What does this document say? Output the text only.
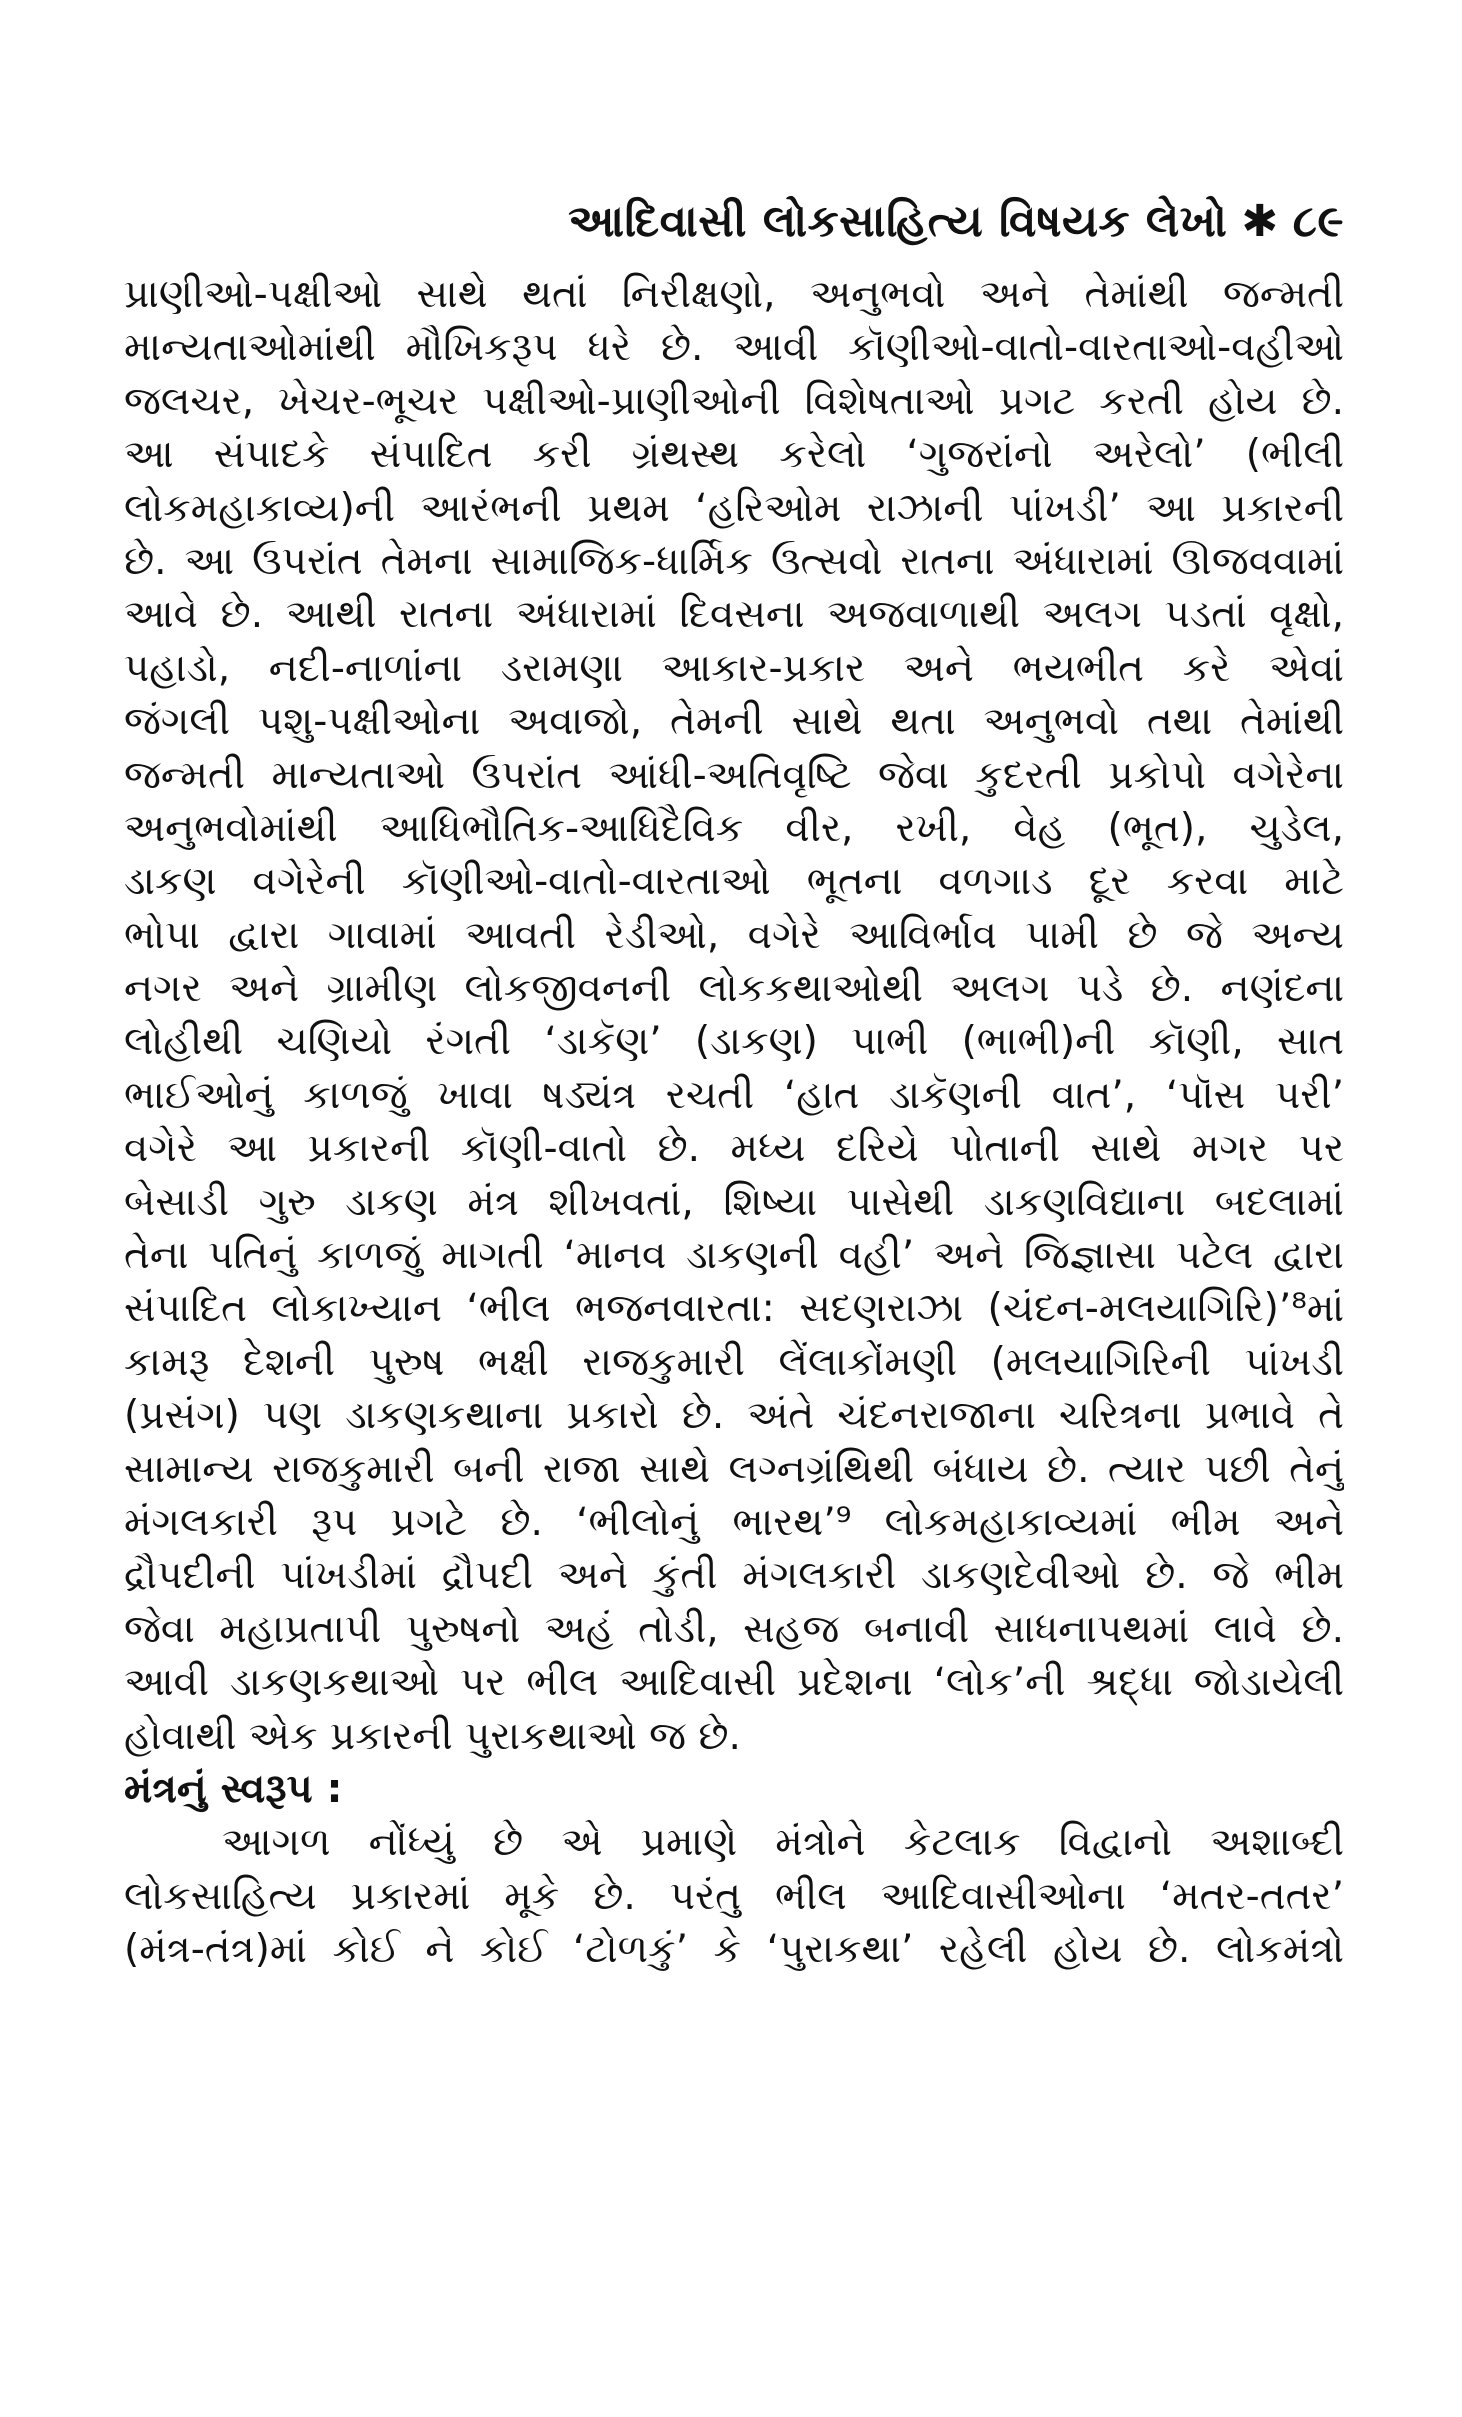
આદિવાસી લોકસાહિત્ય વિષયક લેખો ✱ ૮૯
પ્રાણીઓ-પક્ષીઓ સાથે થતાં નિરીક્ષણો, અનુભવો અને તેમાંથી જન્મતી
માન્યતાઓમાંથી મૌખિકરૂપ ધરે છે. આવી કૉણીઓ-વાતો-વારતાઓ-વહીઓ
જલચર, ખેચર-ભૂચર પક્ષીઓ-પ્રાણીઓની વિશેષતાઓ પ્રગટ કરતી હોય છે.
આ સંપાદકે સંપાદિત કરી ગ્રંથસ્થ કરેલો ‘ગુજરાંનો અરેલો’ (ભીલી
લોકમહાકાવ્ય)ની આરંભની પ્રથમ ‘હરિઓમ રાઝાની પાંખડી’ આ પ્રકારની
છે. આ ઉપરાંત તેમના સામાજિક-ધાર્મિક ઉત્સવો રાતના અંધારામાં ઊજવવામાં
આવે છે. આથી રાતના અંધારામાં દિવસના અજવાળાથી અલગ પડતાં વૃક્ષો,
પહાડો, નદી-નાળાંના ડરામણા આકાર-પ્રકાર અને ભયભીત કરે એવાં
જંગલી પશુ-પક્ષીઓના અવાજો, તેમની સાથે થતા અનુભવો તથા તેમાંથી
જન્મતી માન્યતાઓ ઉપરાંત આંધી-અતિવૃષ્ટિ જેવા કુદરતી પ્રકોપો વગેરેના
અનુભવોમાંથી આધિભૌતિક-આધિદૈવિક વીર, રખી, વેહ (ભૂત), ચુડેલ,
ડાકણ વગેરેની કૉણીઓ-વાતો-વારતાઓ ભૂતના વળગાડ દૂર કરવા માટે
ભોપા દ્વારા ગાવામાં આવતી રેડીઓ, વગેરે આવિર્ભાવ પામી છે જે અન્ય
નગર અને ગ્રામીણ લોકજીવનની લોકકથાઓથી અલગ પડે છે. નણંદના
લોહીથી ચણિયો રંગતી ‘ડાકૅણ’ (ડાકણ) પાભી (ભાભી)ની કૉણી, સાત
ભાઈઓનું કાળજું ખાવા ષડ્યંત્ર રચતી ‘હાત ડાકૅણની વાત’, ‘પૉસ પરી’
વગેરે આ પ્રકારની કૉણી-વાતો છે. મધ્ય દરિયે પોતાની સાથે મગર પર
બેસાડી ગુરુ ડાકણ મંત્ર શીખવતાં, શિષ્યા પાસેથી ડાકણવિદ્યાના બદલામાં
તેના પતિનું કાળજું માગતી ‘માનવ ડાકણની વહી’ અને જિજ્ઞાસા પટેલ દ્વારા
સંપાદિત લોકાખ્યાન ‘ભીલ ભજનવારતા: સદણરાઝા (ચંદન-મલયાગિરિ)’⁸માં
કામરૂ દેશની પુરુષ ભક્ષી રાજકુમારી લેંલાકોંમણી (મલયાગિરિની પાંખડી
(પ્રસંગ) પણ ડાકણકથાના પ્રકારો છે. અંતે ચંદનરાજાના ચરિત્રના પ્રભાવે તે
સામાન્ય રાજકુમારી બની રાજા સાથે લગ્નગ્રંથિથી બંધાય છે. ત્યાર પછી તેનું
મંગલકારી રૂપ પ્રગટે છે. ‘ભીલોનું ભારથ’⁹ લોકમહાકાવ્યમાં ભીમ અને
દ્રૌપદીની પાંખડીમાં દ્રૌપદી અને કુંતી મંગલકારી ડાકણદેવીઓ છે. જે ભીમ
જેવા મહાપ્રતાપી પુરુષનો અહં તોડી, સહજ બનાવી સાધનાપથમાં લાવે છે.
આવી ડાકણકથાઓ પર ભીલ આદિવાસી પ્રદેશના ‘લોક’ની શ્રદ્ધા જોડાયેલી
હોવાથી એક પ્રકારની પુરાકથાઓ જ છે.
મંત્રનું સ્વરૂપ :
આગળ નોંધ્યું છે એ પ્રમાણે મંત્રોને કેટલાક વિદ્વાનો અશાબ્દી
લોકસાહિત્ય પ્રકારમાં મૂકે છે. પરંતુ ભીલ આદિવાસીઓના ‘મતર-તતર’
(મંત્ર-તંત્ર)માં કોઈ ને કોઈ ‘ટોળકું’ કે ‘પુરાકથા’ રહેલી હોય છે. લોકમંત્રો
